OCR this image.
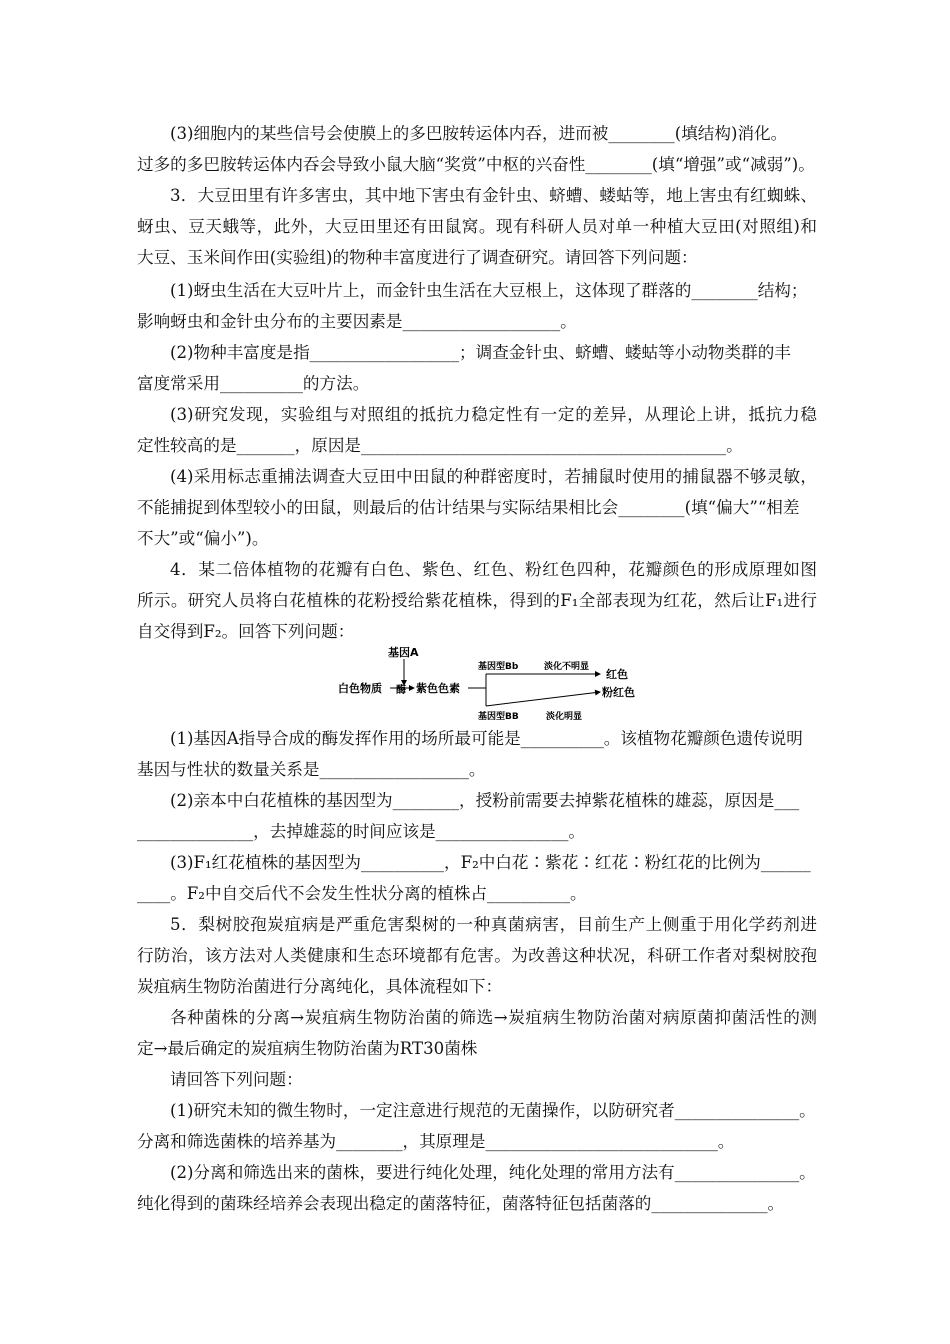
(3)细胞内的某些信号会使膜上的多巴胺转运体内吞，进而被________(填结构)消化。
过多的多巴胺转运体内吞会导致小鼠大脑“奖赏”中枢的兴奋性________(填“增强”或“减弱”)。
3．大豆田里有许多害虫，其中地下害虫有金针虫、蛴螬、蝼蛄等，地上害虫有红蜘蛛、
蚜虫、豆天蛾等，此外，大豆田里还有田鼠窝。现有科研人员对单一种植大豆田(对照组)和
大豆、玉米间作田(实验组)的物种丰富度进行了调查研究。请回答下列问题：
(1)蚜虫生活在大豆叶片上，而金针虫生活在大豆根上，这体现了群落的________结构；
影响蚜虫和金针虫分布的主要因素是___________________。
(2)物种丰富度是指__________________；调查金针虫、蛴螬、蝼蛄等小动物类群的丰
富度常采用__________的方法。
(3)研究发现，实验组与对照组的抵抗力稳定性有一定的差异，从理论上讲，抵抗力稳
定性较高的是_______，原因是____________________________________________。
(4)采用标志重捕法调查大豆田中田鼠的种群密度时，若捕鼠时使用的捕鼠器不够灵敏，
不能捕捉到体型较小的田鼠，则最后的估计结果与实际结果相比会________(填“偏大”“相差
不大”或“偏小”)。
4．某二倍体植物的花瓣有白色、紫色、红色、粉红色四种，花瓣颜色的形成原理如图
所示。研究人员将白花植株的花粉授给紫花植株，得到的F₁全部表现为红花，然后让F₁进行
自交得到F₂。回答下列问题：
基因A
酶
白色物质	紫色色素
基因型Bb	淡化不明显
红色
基因型BB	淡化明显
粉红色
(1)基因A指导合成的酶发挥作用的场所最可能是__________。该植物花瓣颜色遗传说明
基因与性状的数量关系是__________________。
(2)亲本中白花植株的基因型为________，授粉前需要去掉紫花植株的雄蕊，原因是___
______________，去掉雄蕊的时间应该是________________。
(3)F₁红花植株的基因型为__________，F₂中白花∶紫花∶红花∶粉红花的比例为______
____。F₂中自交后代不会发生性状分离的植株占__________。
5．梨树胶孢炭疽病是严重危害梨树的一种真菌病害，目前生产上侧重于用化学药剂进
行防治，该方法对人类健康和生态环境都有危害。为改善这种状况，科研工作者对梨树胶孢
炭疽病生物防治菌进行分离纯化，具体流程如下：
各种菌株的分离→炭疽病生物防治菌的筛选→炭疽病生物防治菌对病原菌抑菌活性的测
定→最后确定的炭疽病生物防治菌为RT30菌株
请回答下列问题：
(1)研究未知的微生物时，一定注意进行规范的无菌操作，以防研究者_______________。
分离和筛选菌株的培养基为________，其原理是____________________________。
(2)分离和筛选出来的菌株，要进行纯化处理，纯化处理的常用方法有_______________。
纯化得到的菌珠经培养会表现出稳定的菌落特征，菌落特征包括菌落的______________。
